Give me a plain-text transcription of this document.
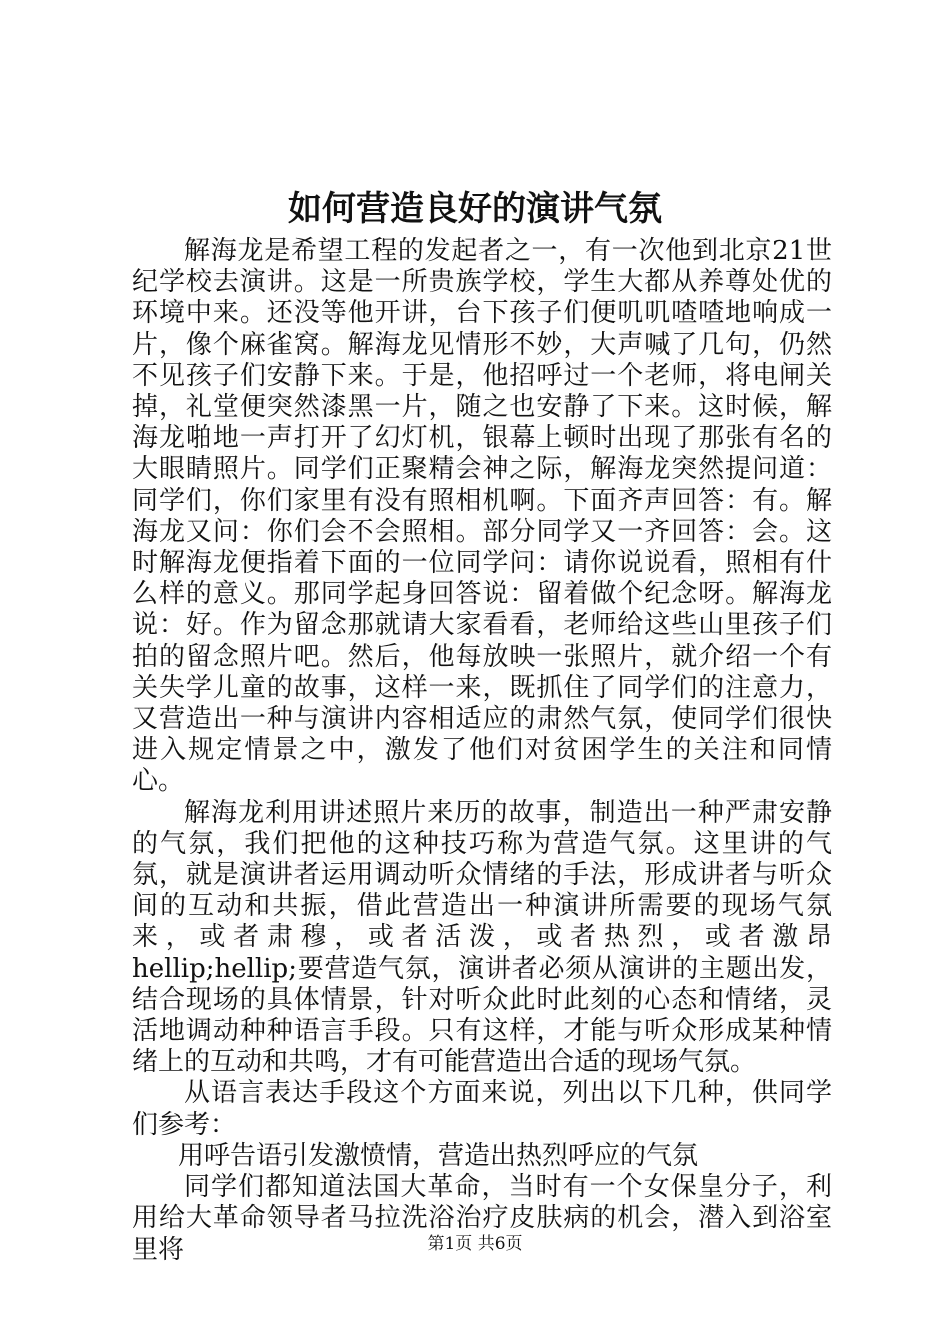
如何营造良好的演讲气氛

解海龙是希望工程的发起者之一，有一次他到北京21世纪学校去演讲。这是一所贵族学校，学生大都从养尊处优的环境中来。还没等他开讲，台下孩子们便叽叽喳喳地响成一片，像个麻雀窝。解海龙见情形不妙，大声喊了几句，仍然不见孩子们安静下来。于是，他招呼过一个老师，将电闸关掉，礼堂便突然漆黑一片，随之也安静了下来。这时候，解海龙啪地一声打开了幻灯机，银幕上顿时出现了那张有名的大眼睛照片。同学们正聚精会神之际，解海龙突然提问道：同学们，你们家里有没有照相机啊。下面齐声回答：有。解海龙又问：你们会不会照相。部分同学又一齐回答：会。这时解海龙便指着下面的一位同学问：请你说说看，照相有什么样的意义。那同学起身回答说：留着做个纪念呀。解海龙说：好。作为留念那就请大家看看，老师给这些山里孩子们拍的留念照片吧。然后，他每放映一张照片，就介绍一个有关失学儿童的故事，这样一来，既抓住了同学们的注意力，又营造出一种与演讲内容相适应的肃然气氛，使同学们很快进入规定情景之中，激发了他们对贫困学生的关注和同情心。

解海龙利用讲述照片来历的故事，制造出一种严肃安静的气氛，我们把他的这种技巧称为营造气氛。这里讲的气氛，就是演讲者运用调动听众情绪的手法，形成讲者与听众间的互动和共振，借此营造出一种演讲所需要的现场气氛来，或者肃穆，或者活泼，或者热烈，或者激昂hellip;hellip;要营造气氛，演讲者必须从演讲的主题出发，结合现场的具体情景，针对听众此时此刻的心态和情绪，灵活地调动种种语言手段。只有这样，才能与听众形成某种情绪上的互动和共鸣，才有可能营造出合适的现场气氛。

从语言表达手段这个方面来说，列出以下几种，供同学们参考：

用呼告语引发激愤情，营造出热烈呼应的气氛

同学们都知道法国大革命，当时有一个女保皇分子，利用给大革命领导者马拉洗浴治疗皮肤病的机会，潜入到浴室里将	第1页 共6页
